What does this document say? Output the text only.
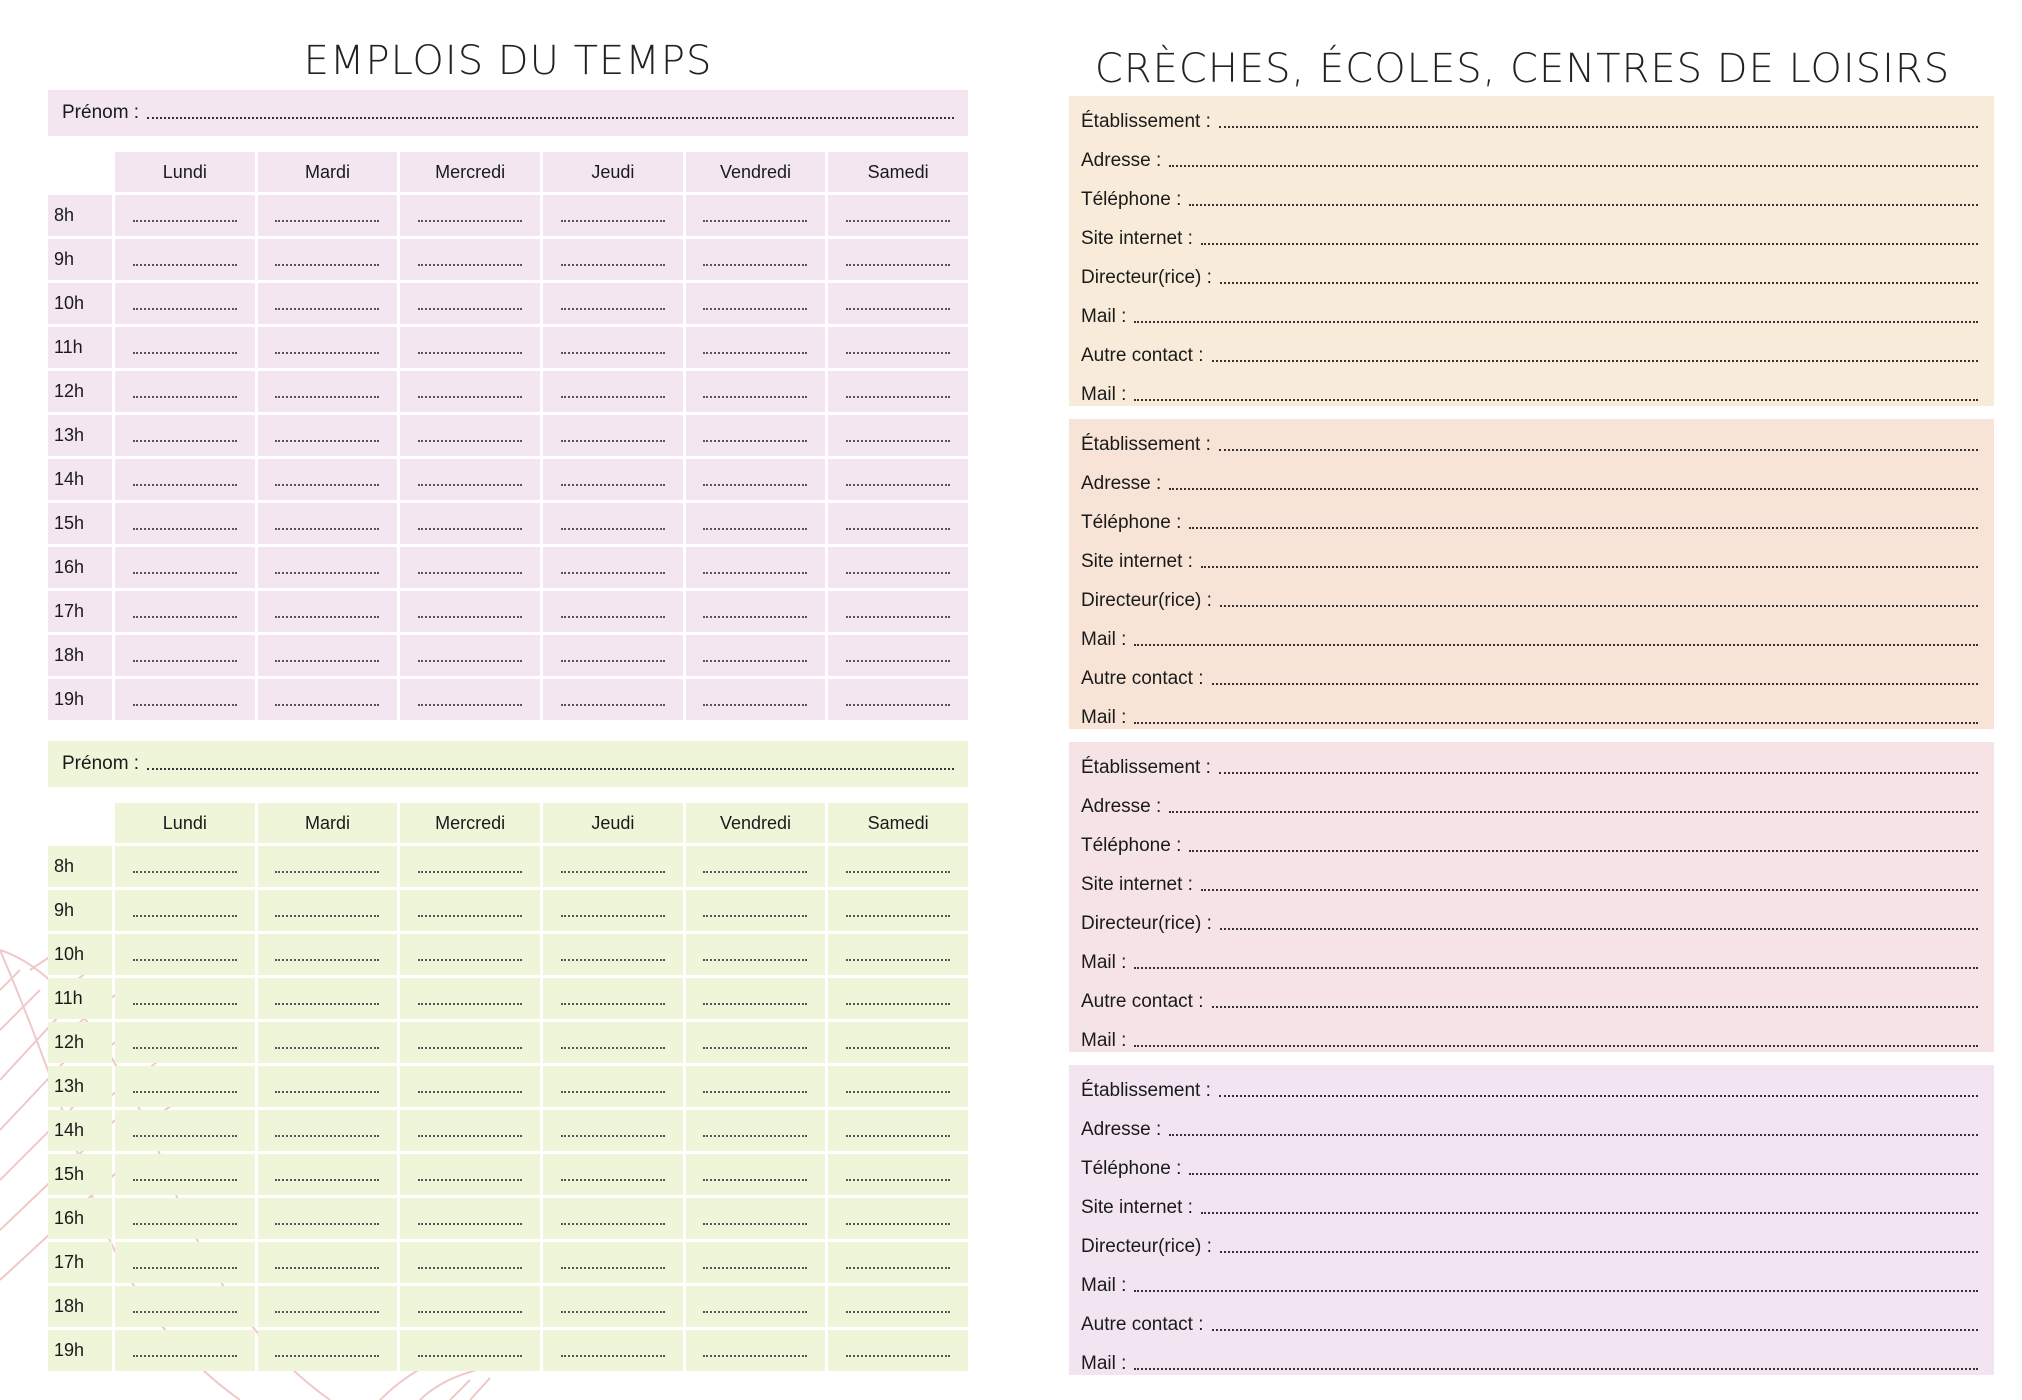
EMPLOIS DU TEMPS	CRÈCHES, ÉCOLES, CENTRES DE LOISIRS
Prénom :
Lundi	Mardi	Mercredi	Jeudi	Vendredi	Samedi
8h
9h
10h
11h
12h
13h
14h
15h
16h
17h
18h
19h
Prénom :
Lundi	Mardi	Mercredi	Jeudi	Vendredi	Samedi
8h
9h
10h
11h
12h
13h
14h
15h
16h
17h
18h
19h
Établissement :
Adresse :
Téléphone :
Site internet :
Directeur(rice) :
Mail :
Autre contact :
Mail :
Établissement :
Adresse :
Téléphone :
Site internet :
Directeur(rice) :
Mail :
Autre contact :
Mail :
Établissement :
Adresse :
Téléphone :
Site internet :
Directeur(rice) :
Mail :
Autre contact :
Mail :
Établissement :
Adresse :
Téléphone :
Site internet :
Directeur(rice) :
Mail :
Autre contact :
Mail :
